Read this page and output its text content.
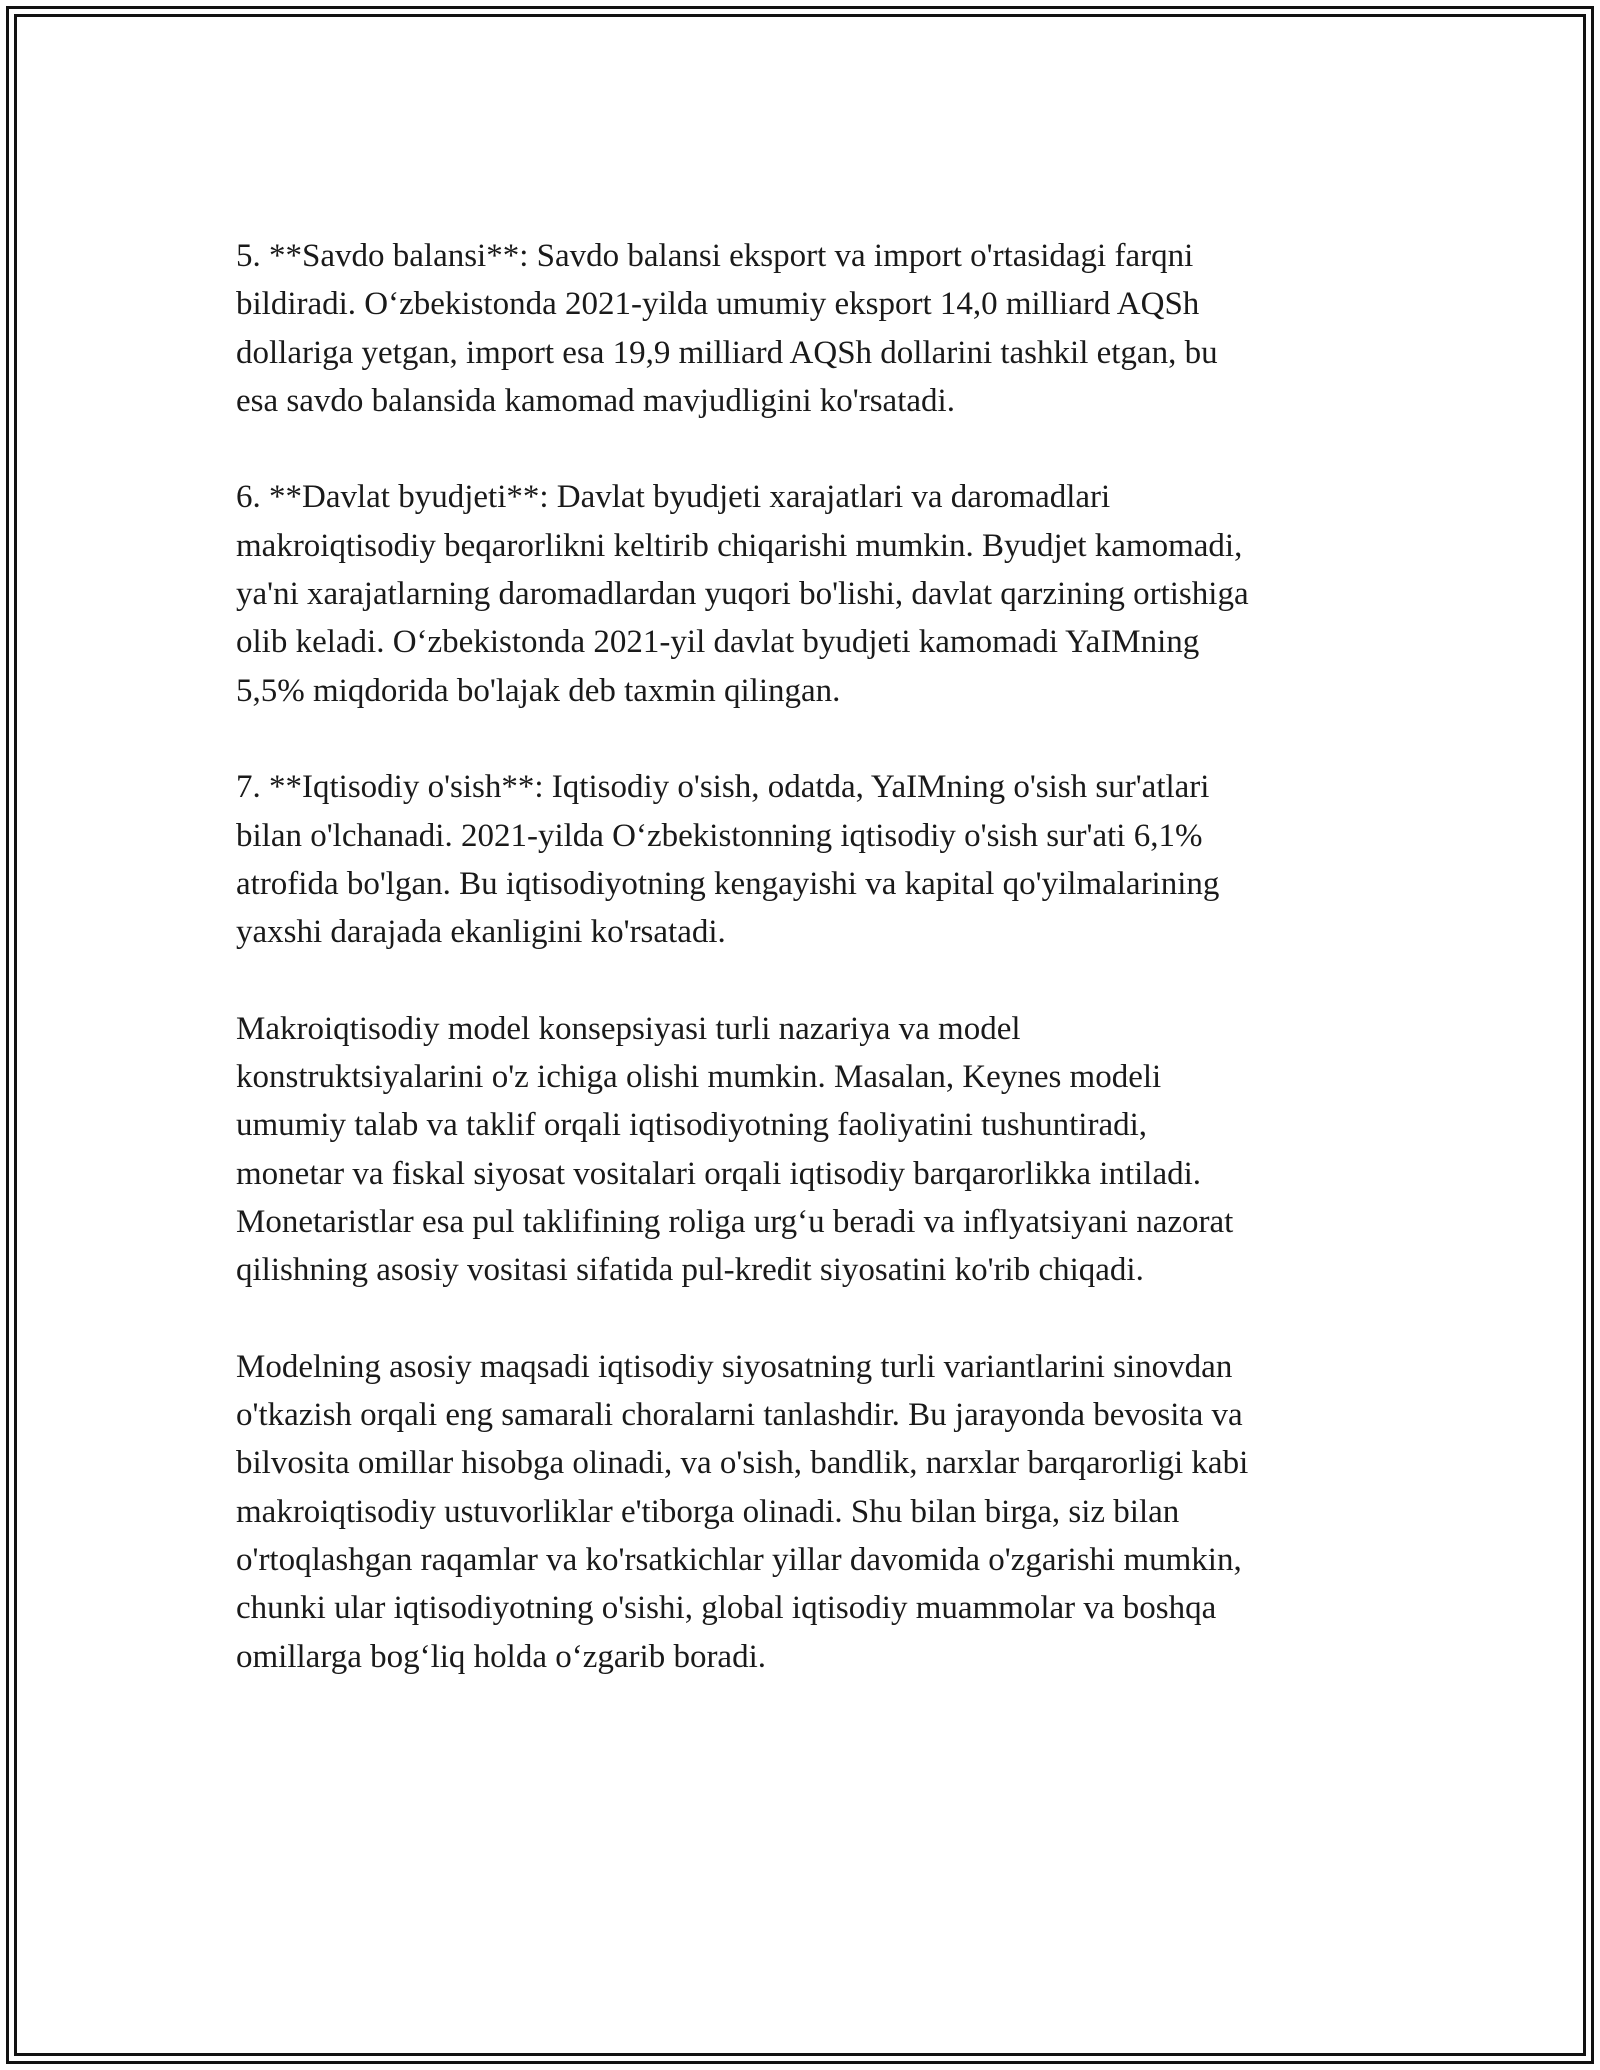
5. **Savdo balansi**: Savdo balansi eksport va import o'rtasidagi farqni
bildiradi. O‘zbekistonda 2021-yilda umumiy eksport 14,0 milliard AQSh
dollariga yetgan, import esa 19,9 milliard AQSh dollarini tashkil etgan, bu
esa savdo balansida kamomad mavjudligini ko'rsatadi.

6. **Davlat byudjeti**: Davlat byudjeti xarajatlari va daromadlari
makroiqtisodiy beqarorlikni keltirib chiqarishi mumkin. Byudjet kamomadi,
ya'ni xarajatlarning daromadlardan yuqori bo'lishi, davlat qarzining ortishiga
olib keladi. O‘zbekistonda 2021-yil davlat byudjeti kamomadi YaIMning
5,5% miqdorida bo'lajak deb taxmin qilingan.

7. **Iqtisodiy o'sish**: Iqtisodiy o'sish, odatda, YaIMning o'sish sur'atlari
bilan o'lchanadi. 2021-yilda O‘zbekistonning iqtisodiy o'sish sur'ati 6,1%
atrofida bo'lgan. Bu iqtisodiyotning kengayishi va kapital qo'yilmalarining
yaxshi darajada ekanligini ko'rsatadi.

Makroiqtisodiy model konsepsiyasi turli nazariya va model
konstruktsiyalarini o'z ichiga olishi mumkin. Masalan, Keynes modeli
umumiy talab va taklif orqali iqtisodiyotning faoliyatini tushuntiradi,
monetar va fiskal siyosat vositalari orqali iqtisodiy barqarorlikka intiladi.
Monetaristlar esa pul taklifining roliga urg‘u beradi va inflyatsiyani nazorat
qilishning asosiy vositasi sifatida pul-kredit siyosatini ko'rib chiqadi.

Modelning asosiy maqsadi iqtisodiy siyosatning turli variantlarini sinovdan
o'tkazish orqali eng samarali choralarni tanlashdir. Bu jarayonda bevosita va
bilvosita omillar hisobga olinadi, va o'sish, bandlik, narxlar barqarorligi kabi
makroiqtisodiy ustuvorliklar e'tiborga olinadi. Shu bilan birga, siz bilan
o'rtoqlashgan raqamlar va ko'rsatkichlar yillar davomida o'zgarishi mumkin,
chunki ular iqtisodiyotning o'sishi, global iqtisodiy muammolar va boshqa
omillarga bog‘liq holda o‘zgarib boradi.
